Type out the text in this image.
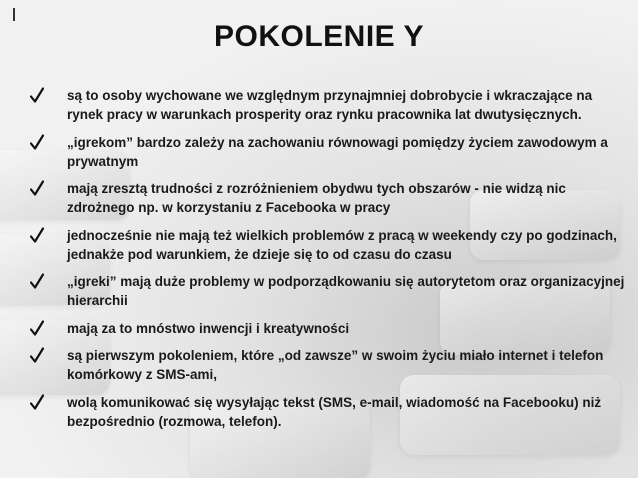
POKOLENIE Y
są to osoby wychowane we względnym przynajmniej dobrobycie i wkraczające na rynek pracy w warunkach prosperity oraz rynku pracownika lat dwutysięcznych.
„igrekom” bardzo zależy na zachowaniu równowagi pomiędzy życiem zawodowym a prywatnym
mają zresztą trudności z rozróżnieniem obydwu tych obszarów - nie widzą nic zdrożnego np. w korzystaniu z Facebooka w pracy
jednocześnie nie mają też wielkich problemów z pracą w weekendy czy po godzinach, jednakże pod warunkiem, że dzieje się to od czasu do czasu
„igreki” mają duże problemy w podporządkowaniu się autorytetom oraz organizacyjnej hierarchii
mają za to mnóstwo inwencji i kreatywności
są pierwszym pokoleniem, które „od zawsze” w swoim życiu miało internet i telefon komórkowy z SMS-ami,
wolą komunikować się wysyłając tekst (SMS, e-mail, wiadomość na Facebooku) niż bezpośrednio (rozmowa, telefon).
